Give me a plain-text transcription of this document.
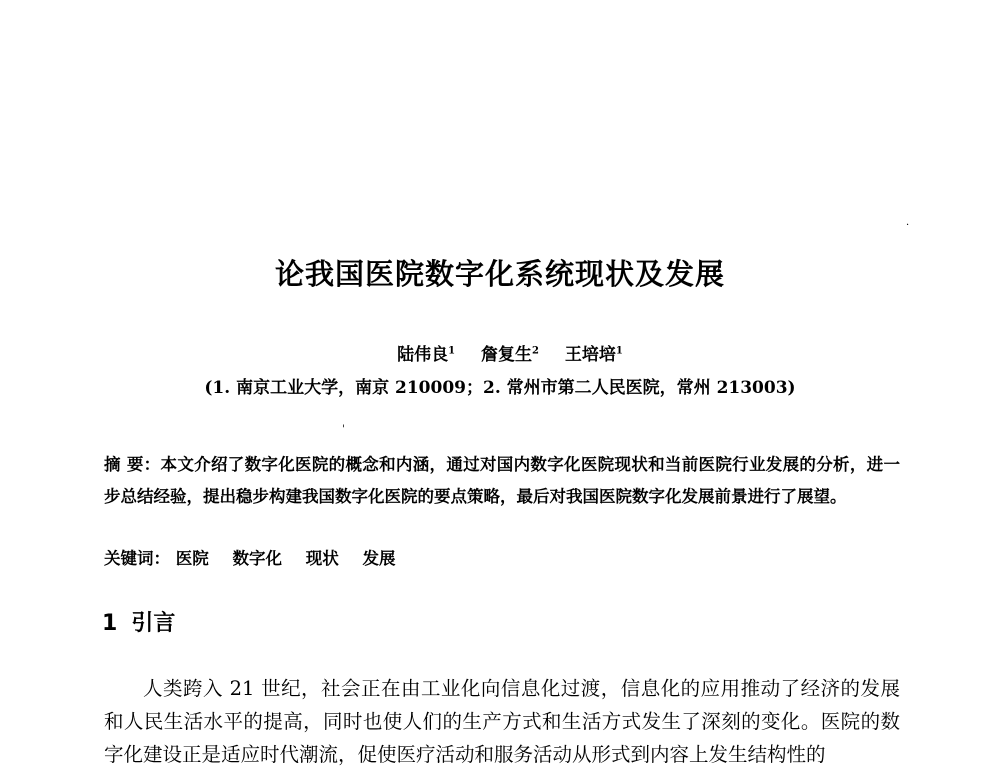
·
论我国医院数字化系统现状及发展
陆伟良$^1$ 詹复生$^2$ 王培培$^1$
(1. 南京工业大学，南京 210009；2. 常州市第二人民医院，常州 213003)
'
摘 要：本文介绍了数字化医院的概念和内涵，通过对国内数字化医院现状和当前医院行业发展的分析，进一步总结经验，提出稳步构建我国数字化医院的要点策略，最后对我国医院数字化发展前景进行了展望。
关键词： 医院 数字化 现状 发展
1 引言
人类跨入 21 世纪，社会正在由工业化向信息化过渡，信息化的应用推动了经济的发展和人民生活水平的提高，同时也使人们的生产方式和生活方式发生了深刻的变化。医院的数字化建设正是适应时代潮流，促使医疗活动和服务活动从形式到内容上发生结构性的
